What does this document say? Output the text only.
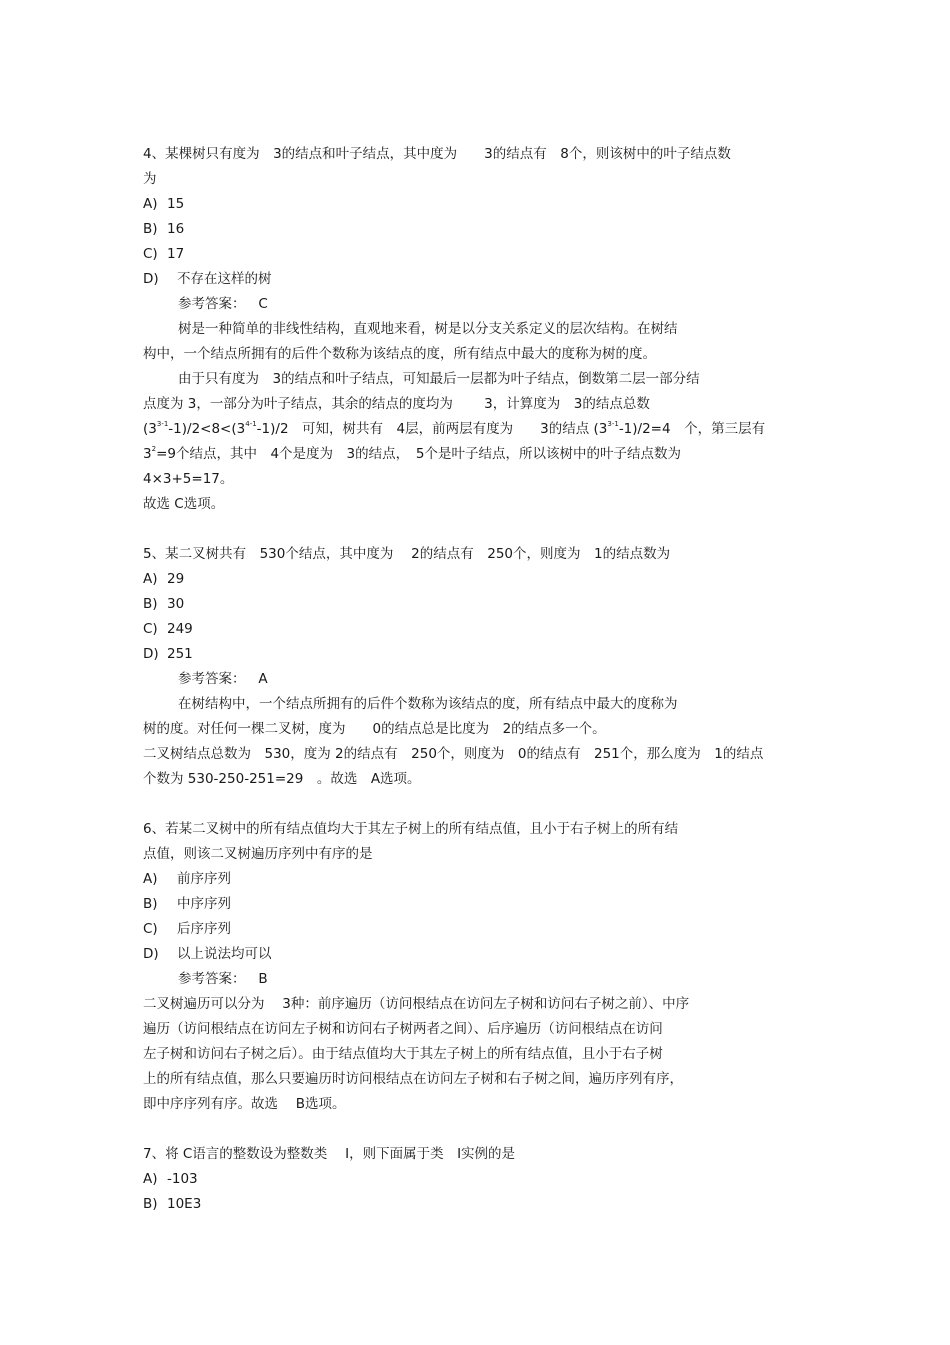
4、某棵树只有度为　3的结点和叶子结点，其中度为　　3的结点有　8个，则该树中的叶子结点数
为
A) 15
B) 16
C) 17
D) 不存在这样的树
参考答案： C
树是一种简单的非线性结构，直观地来看，树是以分支关系定义的层次结构。在树结
构中，一个结点所拥有的后件个数称为该结点的度，所有结点中最大的度称为树的度。
由于只有度为　3的结点和叶子结点，可知最后一层都为叶子结点，倒数第二层一部分结
点度为 3，一部分为叶子结点，其余的结点的度均为　　 3，计算度为　3的结点总数
$(3^{3-1}-1)/2<8<(3^{4-1}-1)/2$　可知，树共有　4层，前两层有度为　　3的结点 $(3^{3-1}-1)/2=4$　个，第三层有
$3^2=9$个结点，其中　4个是度为　3的结点，　5个是叶子结点，所以该树中的叶子结点数为
4×3+5=17。
故选 C选项。
5、某二叉树共有　530个结点，其中度为　 2的结点有　250个，则度为　1的结点数为
A) 29
B) 30
C) 249
D) 251
参考答案： A
在树结构中，一个结点所拥有的后件个数称为该结点的度，所有结点中最大的度称为
树的度。对任何一棵二叉树，度为　　0的结点总是比度为　2的结点多一个。
二叉树结点总数为　530，度为 2的结点有　250个，则度为　0的结点有　251个，那么度为　1的结点
个数为 530-250-251=29　。故选　A选项。
6、若某二叉树中的所有结点值均大于其左子树上的所有结点值，且小于右子树上的所有结
点值，则该二叉树遍历序列中有序的是
A) 前序序列
B) 中序序列
C) 后序序列
D) 以上说法均可以
参考答案： B
二叉树遍历可以分为　 3种：前序遍历（访问根结点在访问左子树和访问右子树之前）、中序
遍历（访问根结点在访问左子树和访问右子树两者之间）、后序遍历（访问根结点在访问
左子树和访问右子树之后）。由于结点值均大于其左子树上的所有结点值，且小于右子树
上的所有结点值，那么只要遍历时访问根结点在访问左子树和右子树之间，遍历序列有序，
即中序序列有序。故选　 B选项。
7、将 C语言的整数设为整数类　 I，则下面属于类　I实例的是
A) -103
B) 10E3
